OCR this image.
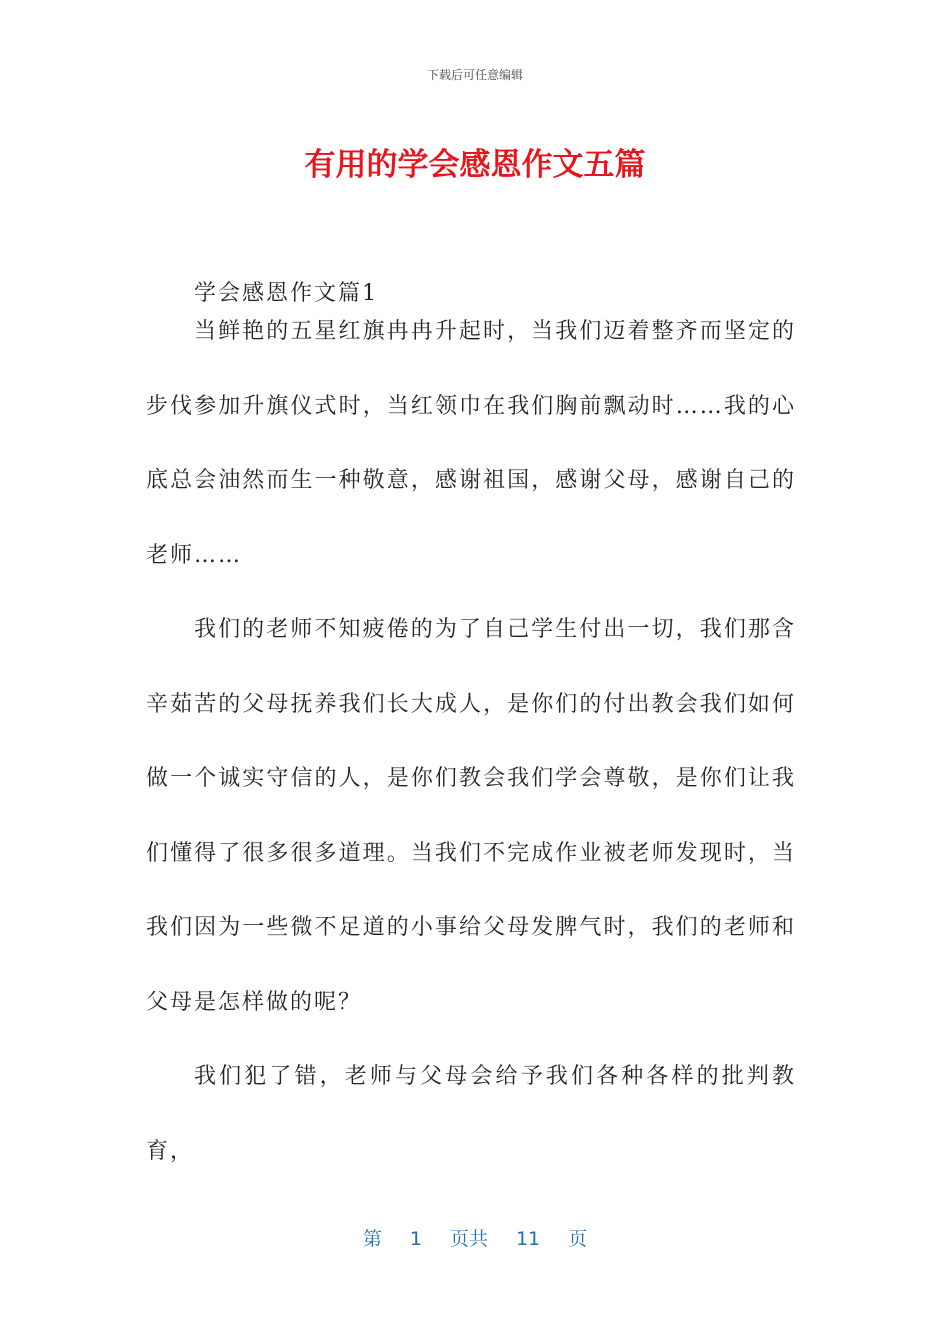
下载后可任意编辑
有用的学会感恩作文五篇
学会感恩作文篇1

当鲜艳的五星红旗冉冉升起时，当我们迈着整齐而坚定的步伐参加升旗仪式时，当红领巾在我们胸前飘动时……我的心底总会油然而生一种敬意，感谢祖国，感谢父母，感谢自己的老师……

我们的老师不知疲倦的为了自己学生付出一切，我们那含辛茹苦的父母抚养我们长大成人，是你们的付出教会我们如何做一个诚实守信的人，是你们教会我们学会尊敬，是你们让我们懂得了很多很多道理。当我们不完成作业被老师发现时，当我们因为一些微不足道的小事给父母发脾气时，我们的老师和父母是怎样做的呢？

我们犯了错，老师与父母会给予我们各种各样的批判教育，

第 1 页共 11 页
